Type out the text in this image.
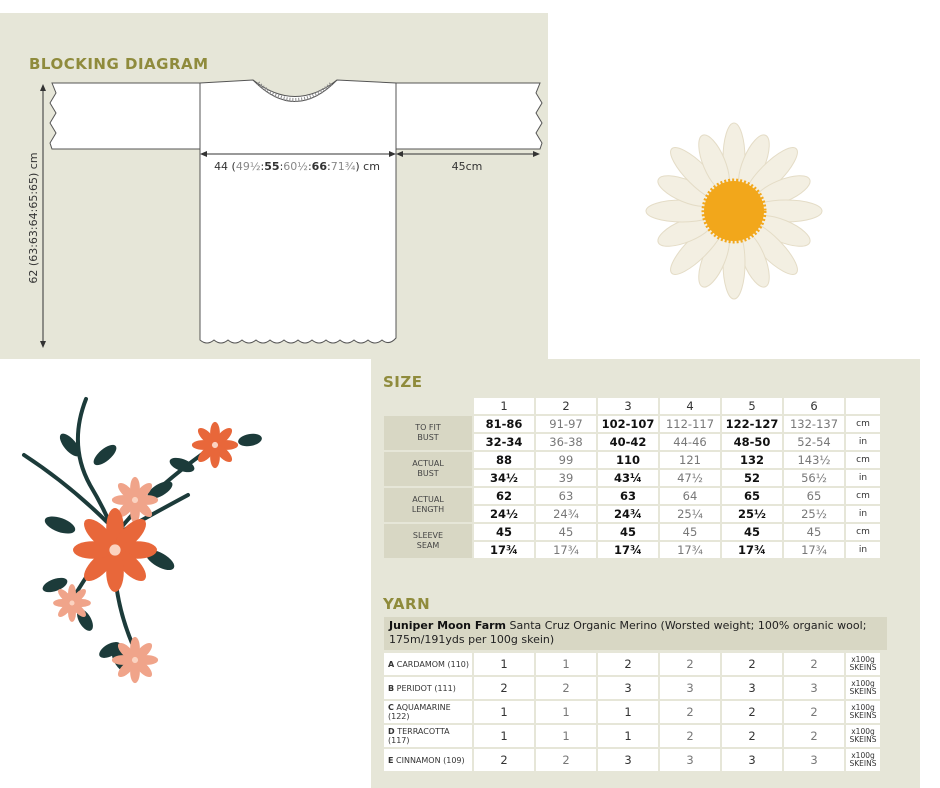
BLOCKING DIAGRAM
44 (49½:55:60½:66:71¾) cm	45cm
62 (63:63:64:65:65) cm
SIZE
	1	2	3	4	5	6	
TO FIT
BUST	81-86	91-97	102-107	112-117	122-127	132-137	cm
	32-34	36-38	40-42	44-46	48-50	52-54	in
ACTUAL
BUST	88	99	110	121	132	143½	cm
	34½	39	43¼	47½	52	56½	in
ACTUAL
LENGTH	62	63	63	64	65	65	cm
	24½	24¾	24¾	25¼	25½	25½	in
SLEEVE
SEAM	45	45	45	45	45	45	cm
	17¾	17¾	17¾	17¾	17¾	17¾	in
YARN
Juniper Moon Farm Santa Cruz Organic Merino (Worsted weight; 100% organic wool; 175m/191yds per 100g skein)
A CARDAMOM (110)	1	1	2	2	2	2	x100g SKEINS
B PERIDOT (111)	2	2	3	3	3	3	x100g SKEINS
C AQUAMARINE (122)	1	1	1	2	2	2	x100g SKEINS
D TERRACOTTA (117)	1	1	1	2	2	2	x100g SKEINS
E CINNAMON (109)	2	2	3	3	3	3	x100g SKEINS
